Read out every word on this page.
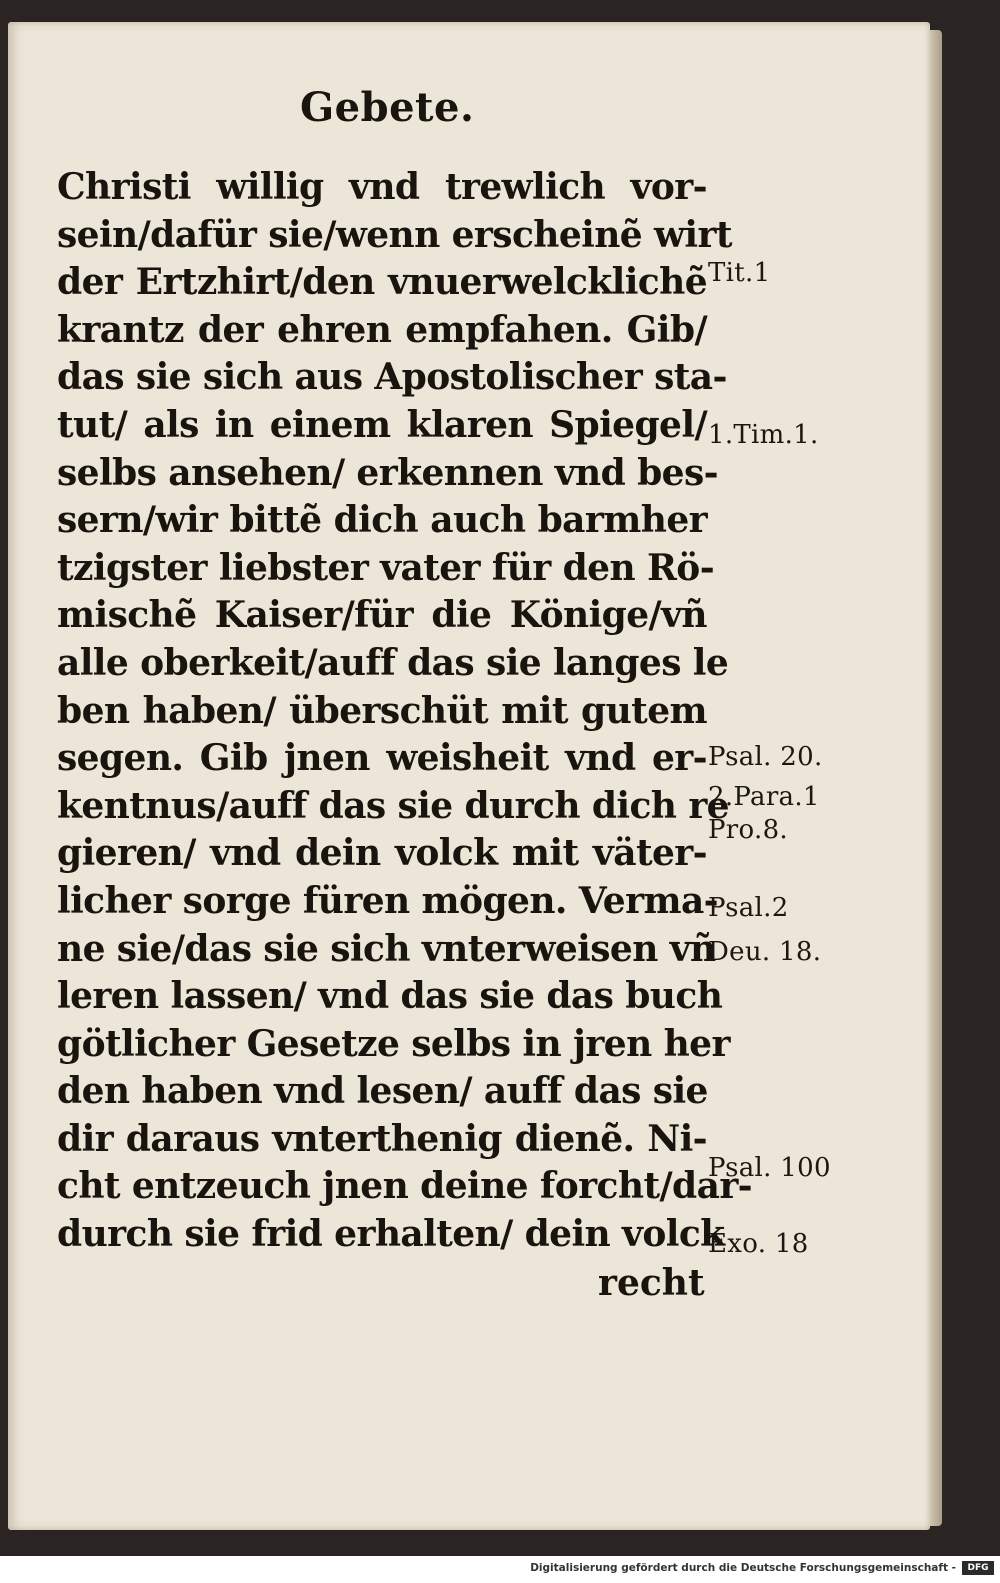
Gebete.
Christi willig vnd trewlich vor-
sein/dafür sie/wenn erscheinẽ wirt
der Ertzhirt/den vnuerwelcklichẽ
krantz der ehren empfahen. Gib/
das sie sich aus Apostolischer sta-
tut/ als in einem klaren Spiegel/
selbs ansehen/ erkennen vnd bes-
sern/wir bittẽ dich auch barmher
tzigster liebster vater für den Rö-
mischẽ Kaiser/für die Könige/vñ
alle oberkeit/auff das sie langes le
ben haben/ überschüt mit gutem
segen. Gib jnen weisheit vnd er-
kentnus/auff das sie durch dich re
gieren/ vnd dein volck mit väter-
licher sorge füren mögen. Verma-
ne sie/das sie sich vnterweisen vñ
leren lassen/ vnd das sie das buch
götlicher Gesetze selbs in jren her
den haben vnd lesen/ auff das sie
dir daraus vnterthenig dienẽ. Ni-
cht entzeuch jnen deine forcht/dar-
durch sie frid erhalten/ dein volck
recht
Tit.1
1.Tim.1.
Psal. 20.
2.Para.1
Pro.8.
Psal.2
Deu. 18.
Psal. 100
Exo. 18
Digitalisierung gefördert durch die Deutsche Forschungsgemeinschaft -	DFG
